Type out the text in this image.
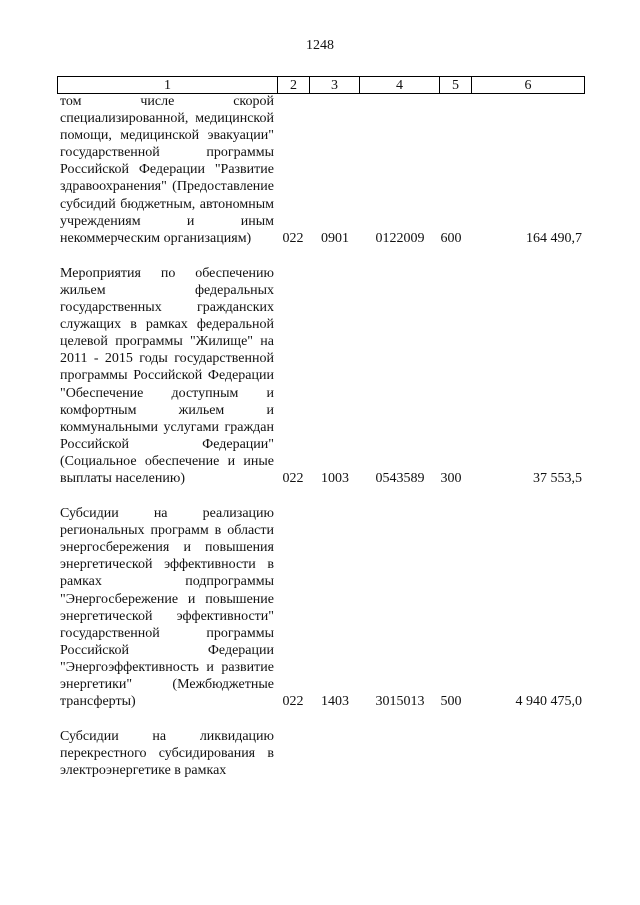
1248
1	2	3	4	5	6
том числе скорой специализированной, медицинской помощи, медицинской эвакуации" государственной программы Российской Федерации "Развитие здравоохранения" (Предоставление субсидий бюджетным, автономным учреждениям и иным некоммерческим организациям)	022	0901	0122009	600	164 490,7
Мероприятия по обеспечению жильем федеральных государственных гражданских служащих в рамках федеральной целевой программы "Жилище" на 2011 - 2015 годы государственной программы Российской Федерации "Обеспечение доступным и комфортным жильем и коммунальными услугами граждан Российской Федерации" (Социальное обеспечение и иные выплаты населению)	022	1003	0543589	300	37 553,5
Субсидии на реализацию региональных программ в области энергосбережения и повышения энергетической эффективности в рамках подпрограммы "Энергосбережение и повышение энергетической эффективности" государственной программы Российской Федерации "Энергоэффективность и развитие энергетики" (Межбюджетные трансферты)	022	1403	3015013	500	4 940 475,0
Субсидии на ликвидацию перекрестного субсидирования в электроэнергетике в рамках
